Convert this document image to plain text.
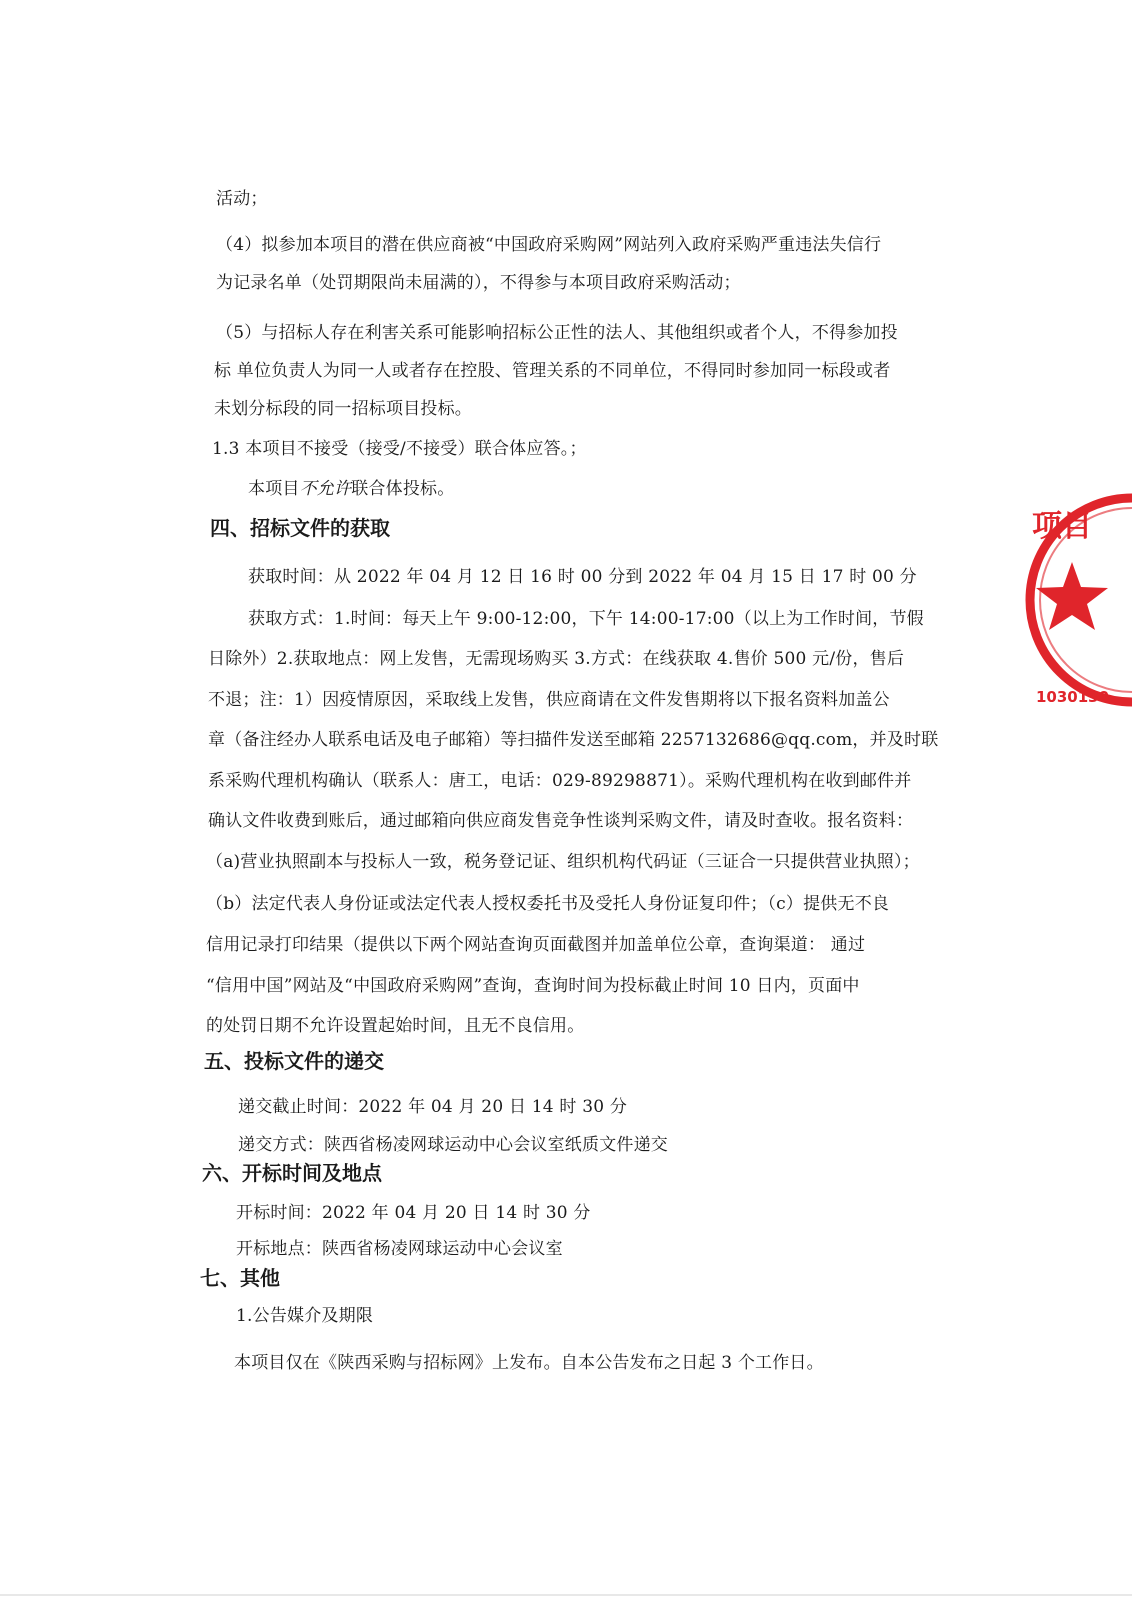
活动；
（4）拟参加本项目的潜在供应商被“中国政府采购网”网站列入政府采购严重违法失信行
为记录名单（处罚期限尚未届满的），不得参与本项目政府采购活动；
（5）与招标人存在利害关系可能影响招标公正性的法人、其他组织或者个人，不得参加投
标 单位负责人为同一人或者存在控股、管理关系的不同单位，不得同时参加同一标段或者
未划分标段的同一招标项目投标。
1.3 本项目不接受（接受/不接受）联合体应答。；
本项目不允许联合体投标。
四、招标文件的获取
获取时间：从 2022 年 04 月 12 日 16 时 00 分到 2022 年 04 月 15 日 17 时 00 分
获取方式：1.时间：每天上午 9:00-12:00，下午 14:00-17:00（以上为工作时间，节假
日除外）2.获取地点：网上发售，无需现场购买 3.方式：在线获取 4.售价 500 元/份，售后
不退；注：1）因疫情原因，采取线上发售，供应商请在文件发售期将以下报名资料加盖公
章（备注经办人联系电话及电子邮箱）等扫描件发送至邮箱 2257132686@qq.com，并及时联
系采购代理机构确认（联系人：唐工，电话：029-89298871）。采购代理机构在收到邮件并
确认文件收费到账后，通过邮箱向供应商发售竞争性谈判采购文件，请及时查收。报名资料：
（a)营业执照副本与投标人一致，税务登记证、组织机构代码证（三证合一只提供营业执照）；
（b）法定代表人身份证或法定代表人授权委托书及受托人身份证复印件；（c）提供无不良
信用记录打印结果（提供以下两个网站查询页面截图并加盖单位公章，查询渠道： 通过
“信用中国”网站及“中国政府采购网”查询，查询时间为投标截止时间 10 日内，页面中
的处罚日期不允许设置起始时间，且无不良信用。
五、投标文件的递交
递交截止时间：2022 年 04 月 20 日 14 时 30 分
递交方式：陕西省杨凌网球运动中心会议室纸质文件递交
六、开标时间及地点
开标时间：2022 年 04 月 20 日 14 时 30 分
开标地点：陕西省杨凌网球运动中心会议室
七、其他
1.公告媒介及期限
本项目仅在《陕西采购与招标网》上发布。自本公告发布之日起 3 个工作日。
项目
1030130
